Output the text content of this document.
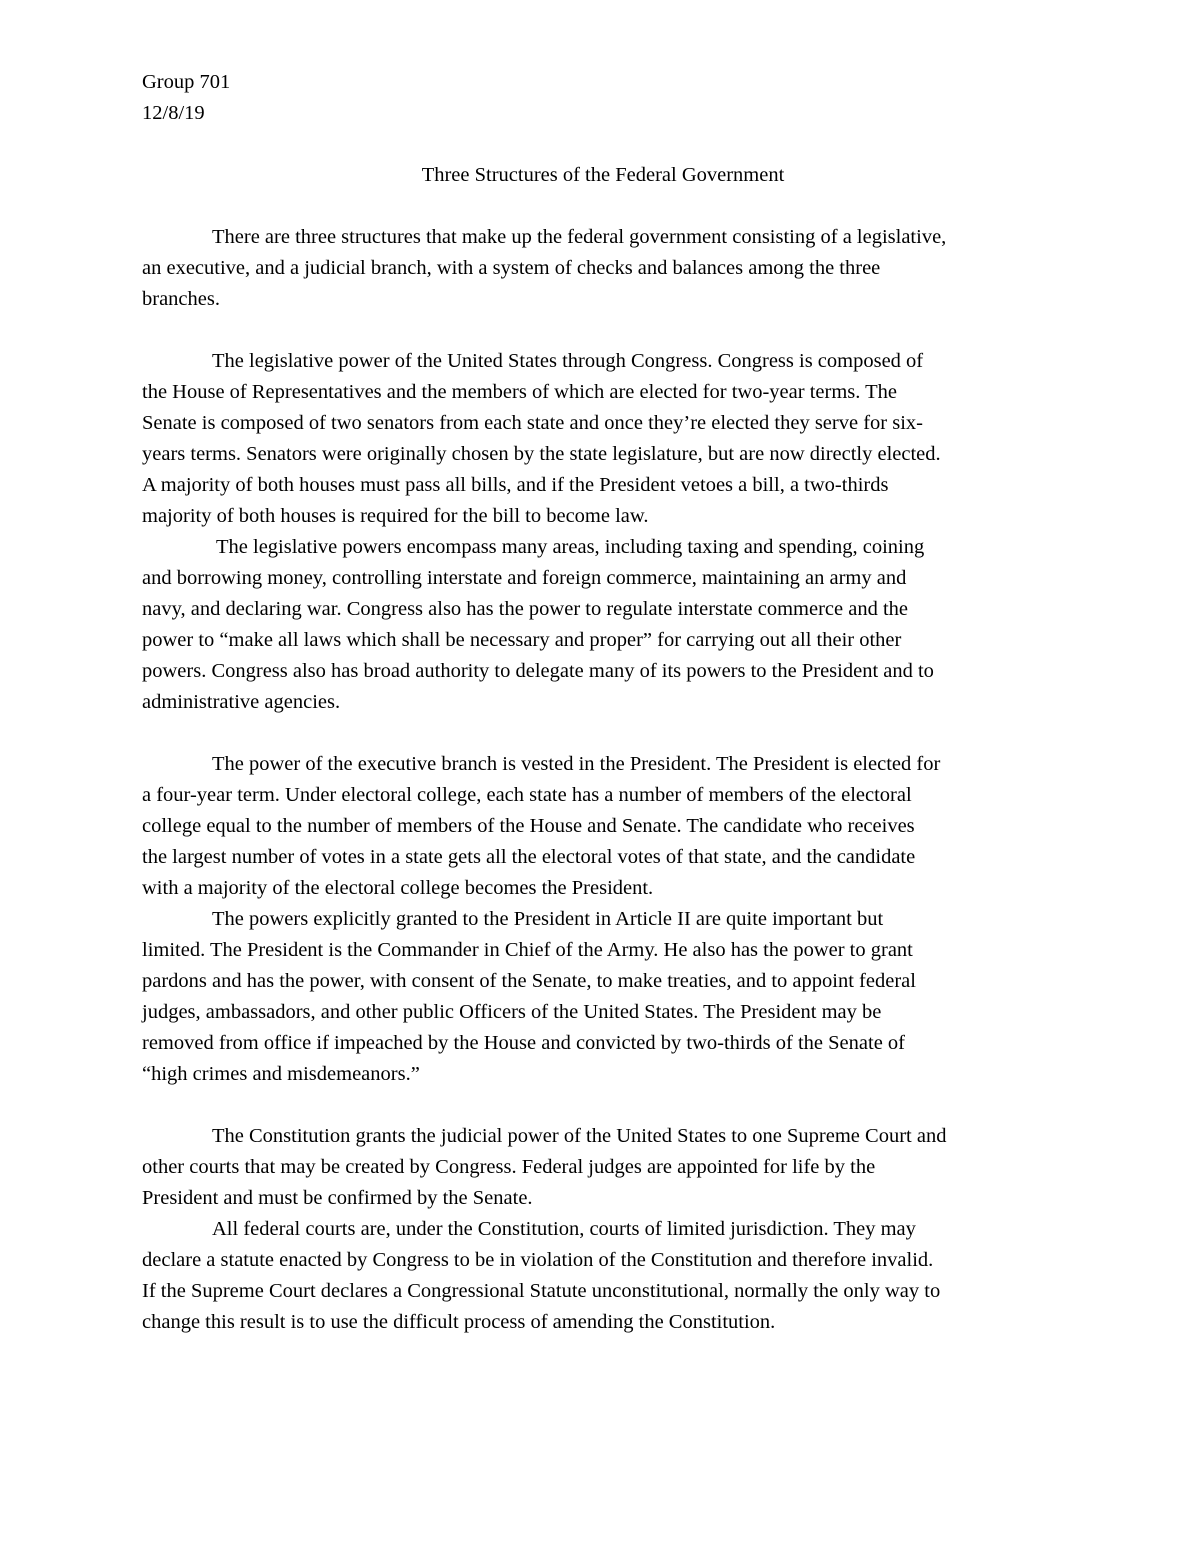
Group 701

12/8/19

Three Structures of the Federal Government

There are three structures that make up the federal government consisting of a legislative,

an executive, and a judicial branch, with a system of checks and balances among the three

branches.

The legislative power of the United States through Congress. Congress is composed of

the House of Representatives and the members of which are elected for two-year terms. The

Senate is composed of two senators from each state and once they’re elected they serve for six-

years terms. Senators were originally chosen by the state legislature, but are now directly elected.

A majority of both houses must pass all bills, and if the President vetoes a bill, a two-thirds

majority of both houses is required for the bill to become law.

The legislative powers encompass many areas, including taxing and spending, coining

and borrowing money, controlling interstate and foreign commerce, maintaining an army and

navy, and declaring war. Congress also has the power to regulate interstate commerce and the

power to “make all laws which shall be necessary and proper” for carrying out all their other

powers. Congress also has broad authority to delegate many of its powers to the President and to

administrative agencies.

The power of the executive branch is vested in the President. The President is elected for

a four-year term. Under electoral college, each state has a number of members of the electoral

college equal to the number of members of the House and Senate. The candidate who receives

the largest number of votes in a state gets all the electoral votes of that state, and the candidate

with a majority of the electoral college becomes the President.

The powers explicitly granted to the President in Article II are quite important but

limited. The President is the Commander in Chief of the Army. He also has the power to grant

pardons and has the power, with consent of the Senate, to make treaties, and to appoint federal

judges, ambassadors, and other public Officers of the United States. The President may be

removed from office if impeached by the House and convicted by two-thirds of the Senate of

“high crimes and misdemeanors.”

The Constitution grants the judicial power of the United States to one Supreme Court and

other courts that may be created by Congress. Federal judges are appointed for life by the

President and must be confirmed by the Senate.

All federal courts are, under the Constitution, courts of limited jurisdiction. They may

declare a statute enacted by Congress to be in violation of the Constitution and therefore invalid.

If the Supreme Court declares a Congressional Statute unconstitutional, normally the only way to

change this result is to use the difficult process of amending the Constitution.
